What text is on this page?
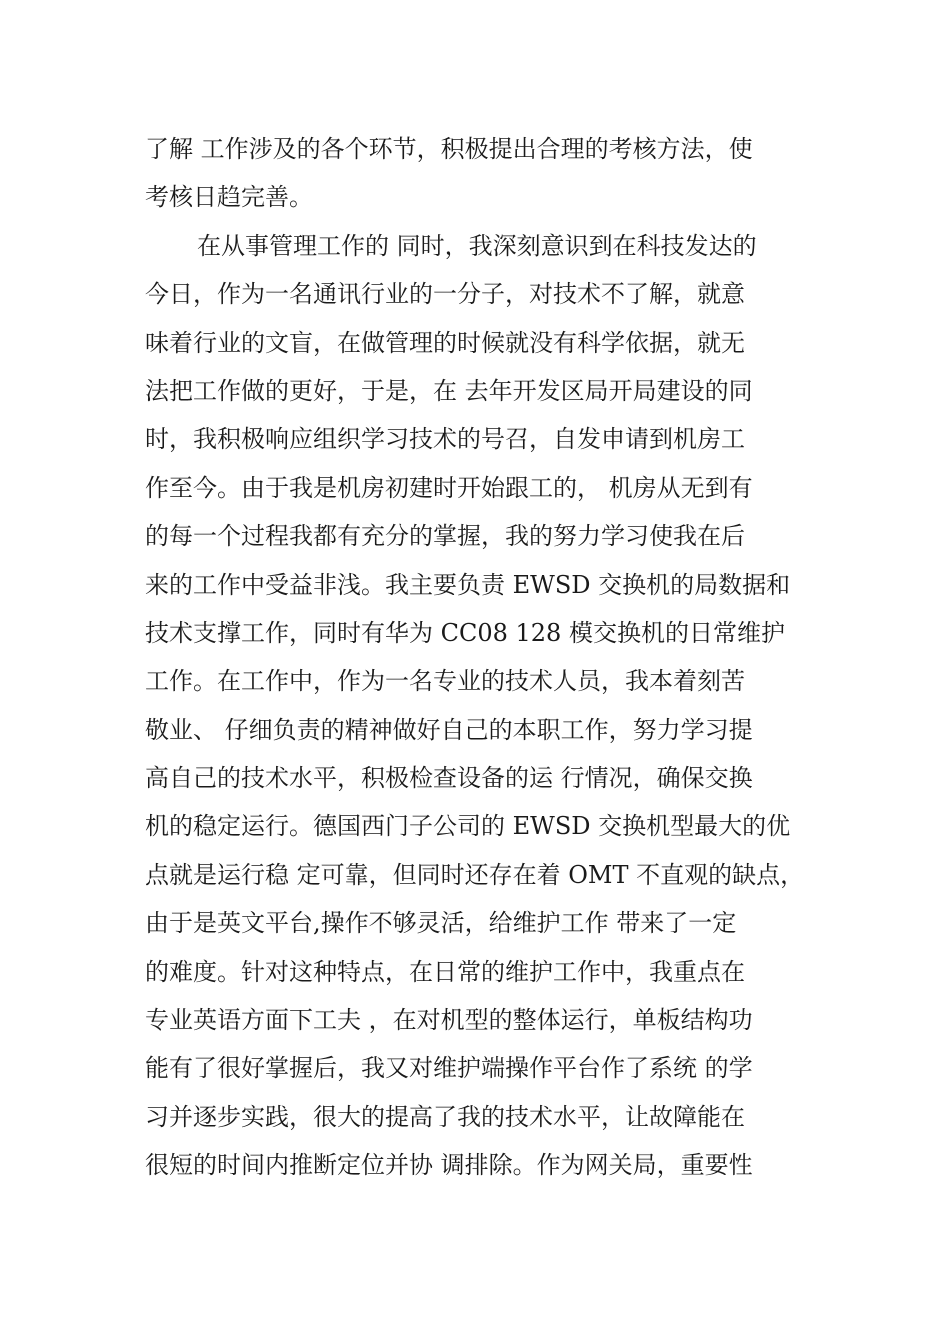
了解 工作涉及的各个环节，积极提出合理的考核方法，使
考核日趋完善。
在从事管理工作的 同时，我深刻意识到在科技发达的
今日，作为一名通讯行业的一分子，对技术不了解，就意
味着行业的文盲，在做管理的时候就没有科学依据，就无
法把工作做的更好，于是，在 去年开发区局开局建设的同
时，我积极响应组织学习技术的号召，自发申请到机房工
作至今。由于我是机房初建时开始跟工的， 机房从无到有
的每一个过程我都有充分的掌握，我的努力学习使我在后
来的工作中受益非浅。我主要负责 EWSD 交换机的局数据和
技术支撑工作，同时有华为 CC08 128 模交换机的日常维护
工作。在工作中，作为一名专业的技术人员，我本着刻苦
敬业、 仔细负责的精神做好自己的本职工作，努力学习提
高自己的技术水平，积极检查设备的运 行情况，确保交换
机的稳定运行。德国西门子公司的 EWSD 交换机型最大的优
点就是运行稳 定可靠，但同时还存在着 OMT 不直观的缺点，
由于是英文平台,操作不够灵活，给维护工作 带来了一定
的难度。针对这种特点，在日常的维护工作中，我重点在
专业英语方面下工夫 ，在对机型的整体运行，单板结构功
能有了很好掌握后，我又对维护端操作平台作了系统 的学
习并逐步实践，很大的提高了我的技术水平，让故障能在
很短的时间内推断定位并协 调排除。作为网关局，重要性
